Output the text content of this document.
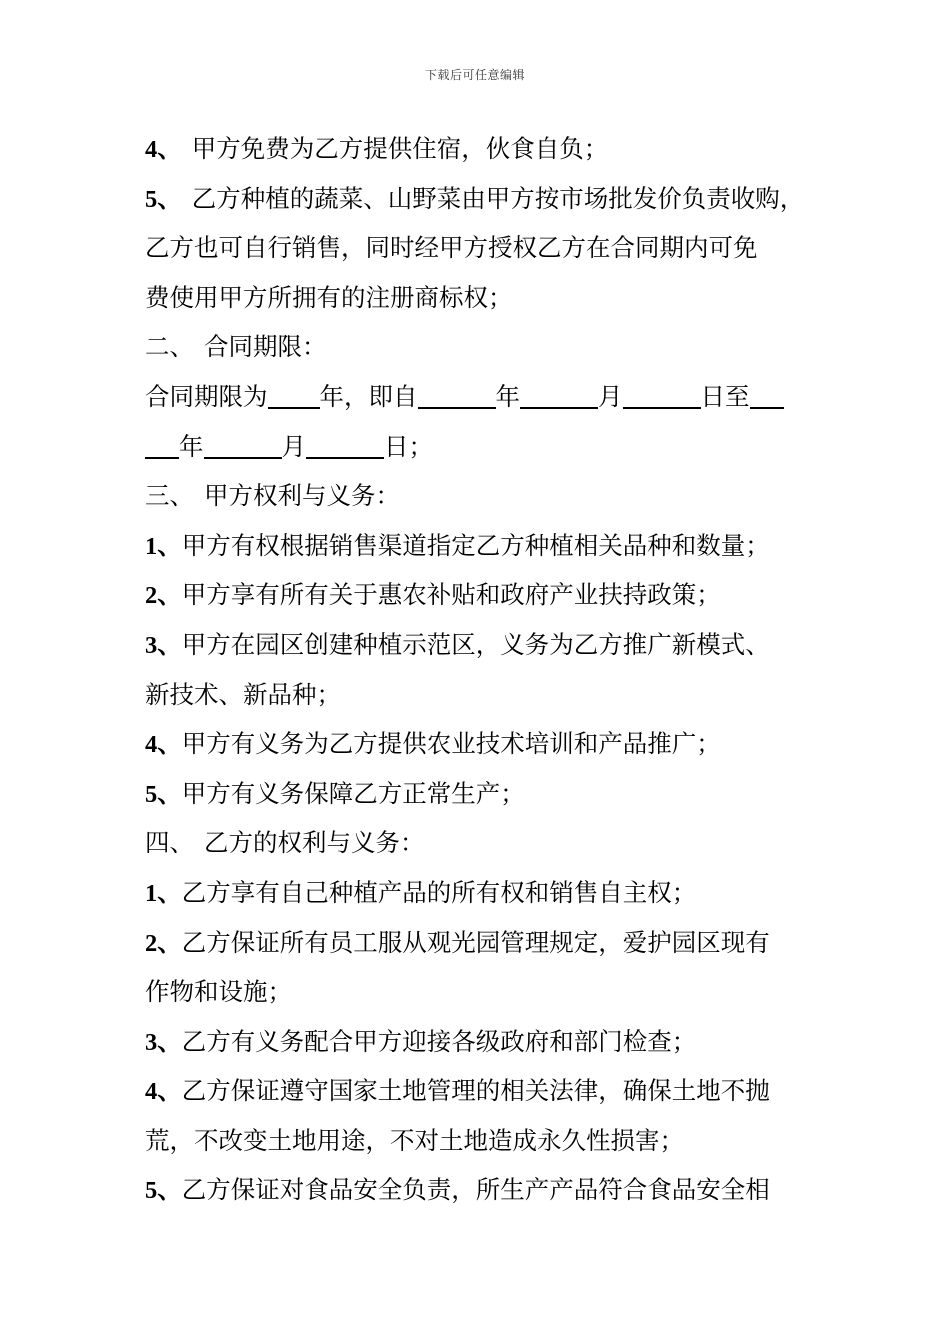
下载后可任意编辑
4、 甲方免费为乙方提供住宿，伙食自负；
5、 乙方种植的蔬菜、山野菜由甲方按市场批发价负责收购，
乙方也可自行销售，同时经甲方授权乙方在合同期内可免
费使用甲方所拥有的注册商标权；
二、 合同期限：
合同期限为 年，即自	年	月	日至
年	月	日；
三、 甲方权利与义务：
1、甲方有权根据销售渠道指定乙方种植相关品种和数量；
2、甲方享有所有关于惠农补贴和政府产业扶持政策；
3、甲方在园区创建种植示范区，义务为乙方推广新模式、
新技术、新品种；
4、甲方有义务为乙方提供农业技术培训和产品推广；
5、甲方有义务保障乙方正常生产；
四、 乙方的权利与义务：
1、乙方享有自己种植产品的所有权和销售自主权；
2、乙方保证所有员工服从观光园管理规定，爱护园区现有
作物和设施；
3、乙方有义务配合甲方迎接各级政府和部门检查；
4、乙方保证遵守国家土地管理的相关法律，确保土地不抛
荒，不改变土地用途，不对土地造成永久性损害；
5、乙方保证对食品安全负责，所生产产品符合食品安全相
